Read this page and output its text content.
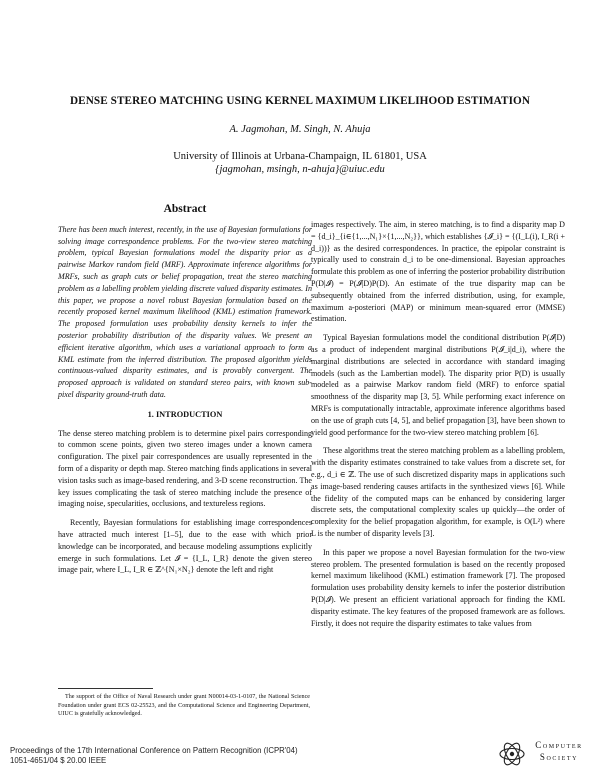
DENSE STEREO MATCHING USING KERNEL MAXIMUM LIKELIHOOD ESTIMATION
A. Jagmohan, M. Singh, N. Ahuja
University of Illinois at Urbana-Champaign, IL 61801, USA
{jagmohan, msingh, n-ahuja}@uiuc.edu

Abstract

There has been much interest, recently, in the use of Bayesian formulations for solving image correspondence problems. For the two-view stereo matching problem, typical Bayesian formulations model the disparity prior as a pairwise Markov random field (MRF). Approximate inference algorithms for MRFs, such as graph cuts or belief propagation, treat the stereo matching problem as a labelling problem yielding discrete valued disparity estimates. In this paper, we propose a novel robust Bayesian formulation based on the recently proposed kernel maximum likelihood (KML) estimation framework. The proposed formulation uses probability density kernels to infer the posterior probability distribution of the disparity values. We present an efficient iterative algorithm, which uses a variational approach to form a KML estimate from the inferred distribution. The proposed algorithm yields continuous-valued disparity estimates, and is provably convergent. The proposed approach is validated on standard stereo pairs, with known sub-pixel disparity ground-truth data.

1. INTRODUCTION

The dense stereo matching problem is to determine pixel pairs corresponding to common scene points, given two stereo images under a known camera configuration. The pixel pair correspondences are usually represented in the form of a disparity or depth map. Stereo matching finds applications in several vision tasks such as image-based rendering, and 3-D scene reconstruction. The key issues complicating the task of stereo matching include the presence of imaging noise, specularities, occlusions, and textureless regions.

Recently, Bayesian formulations for establishing image correspondences have attracted much interest [1–5], due to the ease with which prior knowledge can be incorporated, and because modeling assumptions explicitly emerge in such formulations. Let 𝓘 = {I_L, I_R} denote the given stereo image pair, where I_L, I_R ∈ ℤ^{N₁×N₂} denote the left and right

images respectively. The aim, in stereo matching, is to find a disparity map D = {d_i}_{i∈{1,...,N₁}×{1,...,N₂}}, which establishes {𝓘_i} = {(I_L(i), I_R(i + d_i))} as the desired correspondences. In practice, the epipolar constraint is typically used to constrain d_i to be one-dimensional. Bayesian approaches formulate this problem as one of inferring the posterior probability distribution P(D|𝓘) = P(𝓘|D)P(D). An estimate of the true disparity map can be subsequently obtained from the inferred distribution, using, for example, maximum a-posteriori (MAP) or minimum mean-squared error (MMSE) estimation.

Typical Bayesian formulations model the conditional distribution P(𝓘|D) as a product of independent marginal distributions P(𝓘_i|d_i), where the marginal distributions are selected in accordance with standard imaging models (such as the Lambertian model). The disparity prior P(D) is usually modeled as a pairwise Markov random field (MRF) to enforce spatial smoothness of the disparity map [3, 5]. While performing exact inference on MRFs is computationally intractable, approximate inference algorithms based on the use of graph cuts [4, 5], and belief propagation [3], have been shown to yield good performance for the two-view stereo matching problem [6].

These algorithms treat the stereo matching problem as a labelling problem, with the disparity estimates constrained to take values from a discrete set, for e.g., d_i ∈ ℤ. The use of such discretized disparity maps in applications such as image-based rendering causes artifacts in the synthesized views [6]. While the fidelity of the computed maps can be enhanced by considering larger discrete sets, the computational complexity scales up quickly—the order of complexity for the belief propagation algorithm, for example, is O(L²) where L is the number of disparity levels [3].

In this paper we propose a novel Bayesian formulation for the two-view stereo problem. The presented formulation is based on the recently proposed kernel maximum likelihood (KML) estimation framework [7]. The proposed formulation uses probability density kernels to infer the posterior distribution P(D|𝓘). We present an efficient variational approach for finding the KML disparity estimate. The key features of the proposed framework are as follows. Firstly, it does not require the disparity estimates to take values from

The support of the Office of Naval Research under grant N00014-03-1-0107, the National Science Foundation under grant ECS 02-25523, and the Computational Science and Engineering Department, UIUC is gratefully acknowledged.

Proceedings of the 17th International Conference on Pattern Recognition (ICPR'04)
1051-4651/04 $ 20.00 IEEE
Computer
Society
